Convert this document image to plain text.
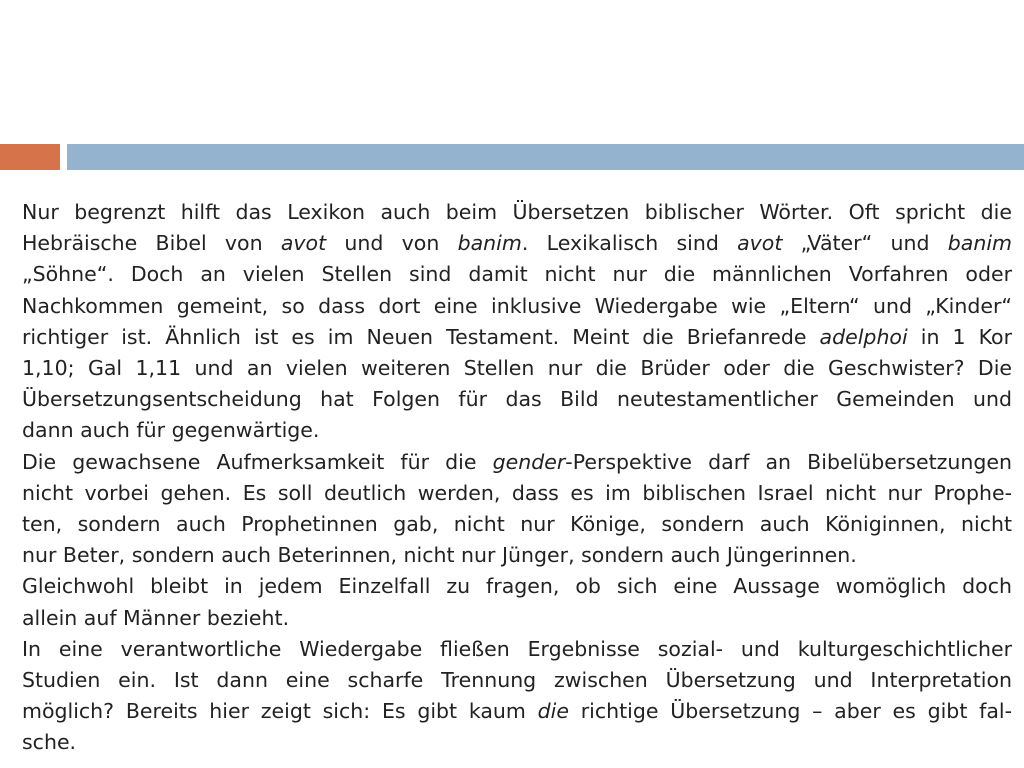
Nur begrenzt hilft das Lexikon auch beim Übersetzen biblischer Wörter. Oft spricht die
Hebräische Bibel von avot und von banim. Lexikalisch sind avot „Väter“ und banim
„Söhne“. Doch an vielen Stellen sind damit nicht nur die männlichen Vorfahren oder
Nachkommen gemeint, so dass dort eine inklusive Wiedergabe wie „Eltern“ und „Kinder“
richtiger ist. Ähnlich ist es im Neuen Testament. Meint die Briefanrede adelphoi in 1 Kor
1,10; Gal 1,11 und an vielen weiteren Stellen nur die Brüder oder die Geschwister? Die
Übersetzungsentscheidung hat Folgen für das Bild neutestamentlicher Gemeinden und
dann auch für gegenwärtige.
Die gewachsene Aufmerksamkeit für die gender-Perspektive darf an Bibelübersetzungen
nicht vorbei gehen. Es soll deutlich werden, dass es im biblischen Israel nicht nur Prophe-
ten, sondern auch Prophetinnen gab, nicht nur Könige, sondern auch Königinnen, nicht
nur Beter, sondern auch Beterinnen, nicht nur Jünger, sondern auch Jüngerinnen.
Gleichwohl bleibt in jedem Einzelfall zu fragen, ob sich eine Aussage womöglich doch
allein auf Männer bezieht.
In eine verantwortliche Wiedergabe fließen Ergebnisse sozial- und kulturgeschichtlicher
Studien ein. Ist dann eine scharfe Trennung zwischen Übersetzung und Interpretation
möglich? Bereits hier zeigt sich: Es gibt kaum die richtige Übersetzung – aber es gibt fal-
sche.
